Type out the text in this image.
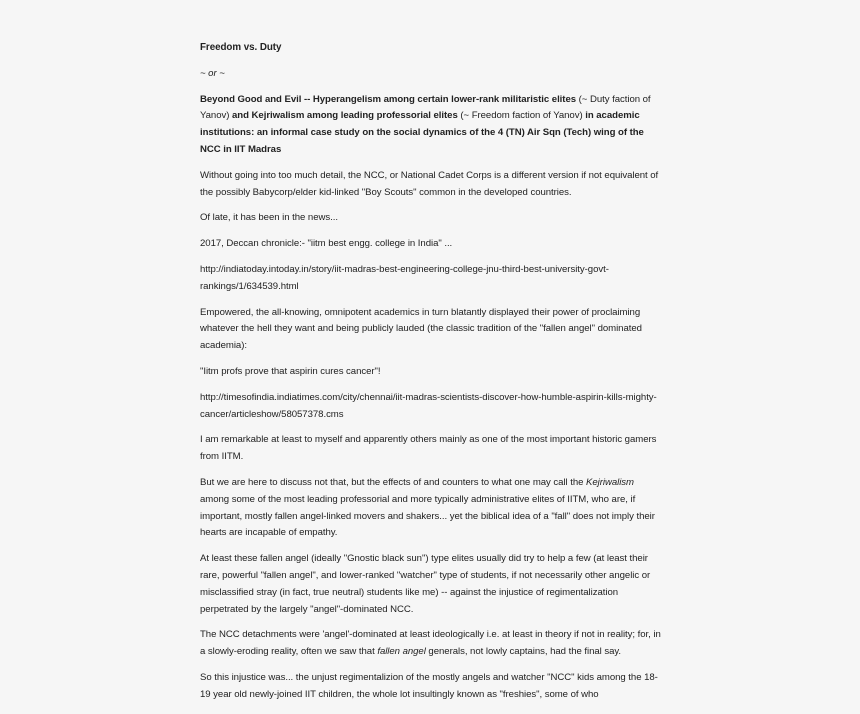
Freedom vs. Duty

~ or ~

Beyond Good and Evil -- Hyperangelism among certain lower-rank militaristic elites (~ Duty faction of Yanov) and Kejriwalism among leading professorial elites (~ Freedom faction of Yanov) in academic institutions: an informal case study on the social dynamics of the 4 (TN) Air Sqn (Tech) wing of the NCC in IIT Madras

Without going into too much detail, the NCC, or National Cadet Corps is a different version if not equivalent of the possibly Babycorp/elder kid-linked "Boy Scouts" common in the developed countries.

Of late, it has been in the news...

2017, Deccan chronicle:- "iitm best engg. college in India" ...

http://indiatoday.intoday.in/story/iit-madras-best-engineering-college-jnu-third-best-university-govt-rankings/1/634539.html

Empowered, the all-knowing, omnipotent academics in turn blatantly displayed their power of proclaiming whatever the hell they want and being publicly lauded (the classic tradition of the "fallen angel" dominated academia):

"Iitm profs prove that aspirin cures cancer"!

http://timesofindia.indiatimes.com/city/chennai/iit-madras-scientists-discover-how-humble-aspirin-kills-mighty-cancer/articleshow/58057378.cms

I am remarkable at least to myself and apparently others mainly as one of the most important historic gamers from IITM.

But we are here to discuss not that, but the effects of and counters to what one may call the Kejriwalism among some of the most leading professorial and more typically administrative elites of IITM, who are, if important, mostly fallen angel-linked movers and shakers... yet the biblical idea of a "fall" does not imply their hearts are incapable of empathy.

At least these fallen angel (ideally "Gnostic black sun") type elites usually did try to help a few (at least their rare, powerful "fallen angel", and lower-ranked "watcher" type of students, if not necessarily other angelic or misclassified stray (in fact, true neutral) students like me) -- against the injustice of regimentalization perpetrated by the largely "angel"-dominated NCC.

The NCC detachments were 'angel'-dominated at least ideologically i.e. at least in theory if not in reality; for, in a slowly-eroding reality, often we saw that fallen angel generals, not lowly captains, had the final say.

So this injustice was... the unjust regimentalizion of the mostly angels and watcher "NCC" kids among the 18-19 year old newly-joined IIT children, the whole lot insultingly known as "freshies", some of who
